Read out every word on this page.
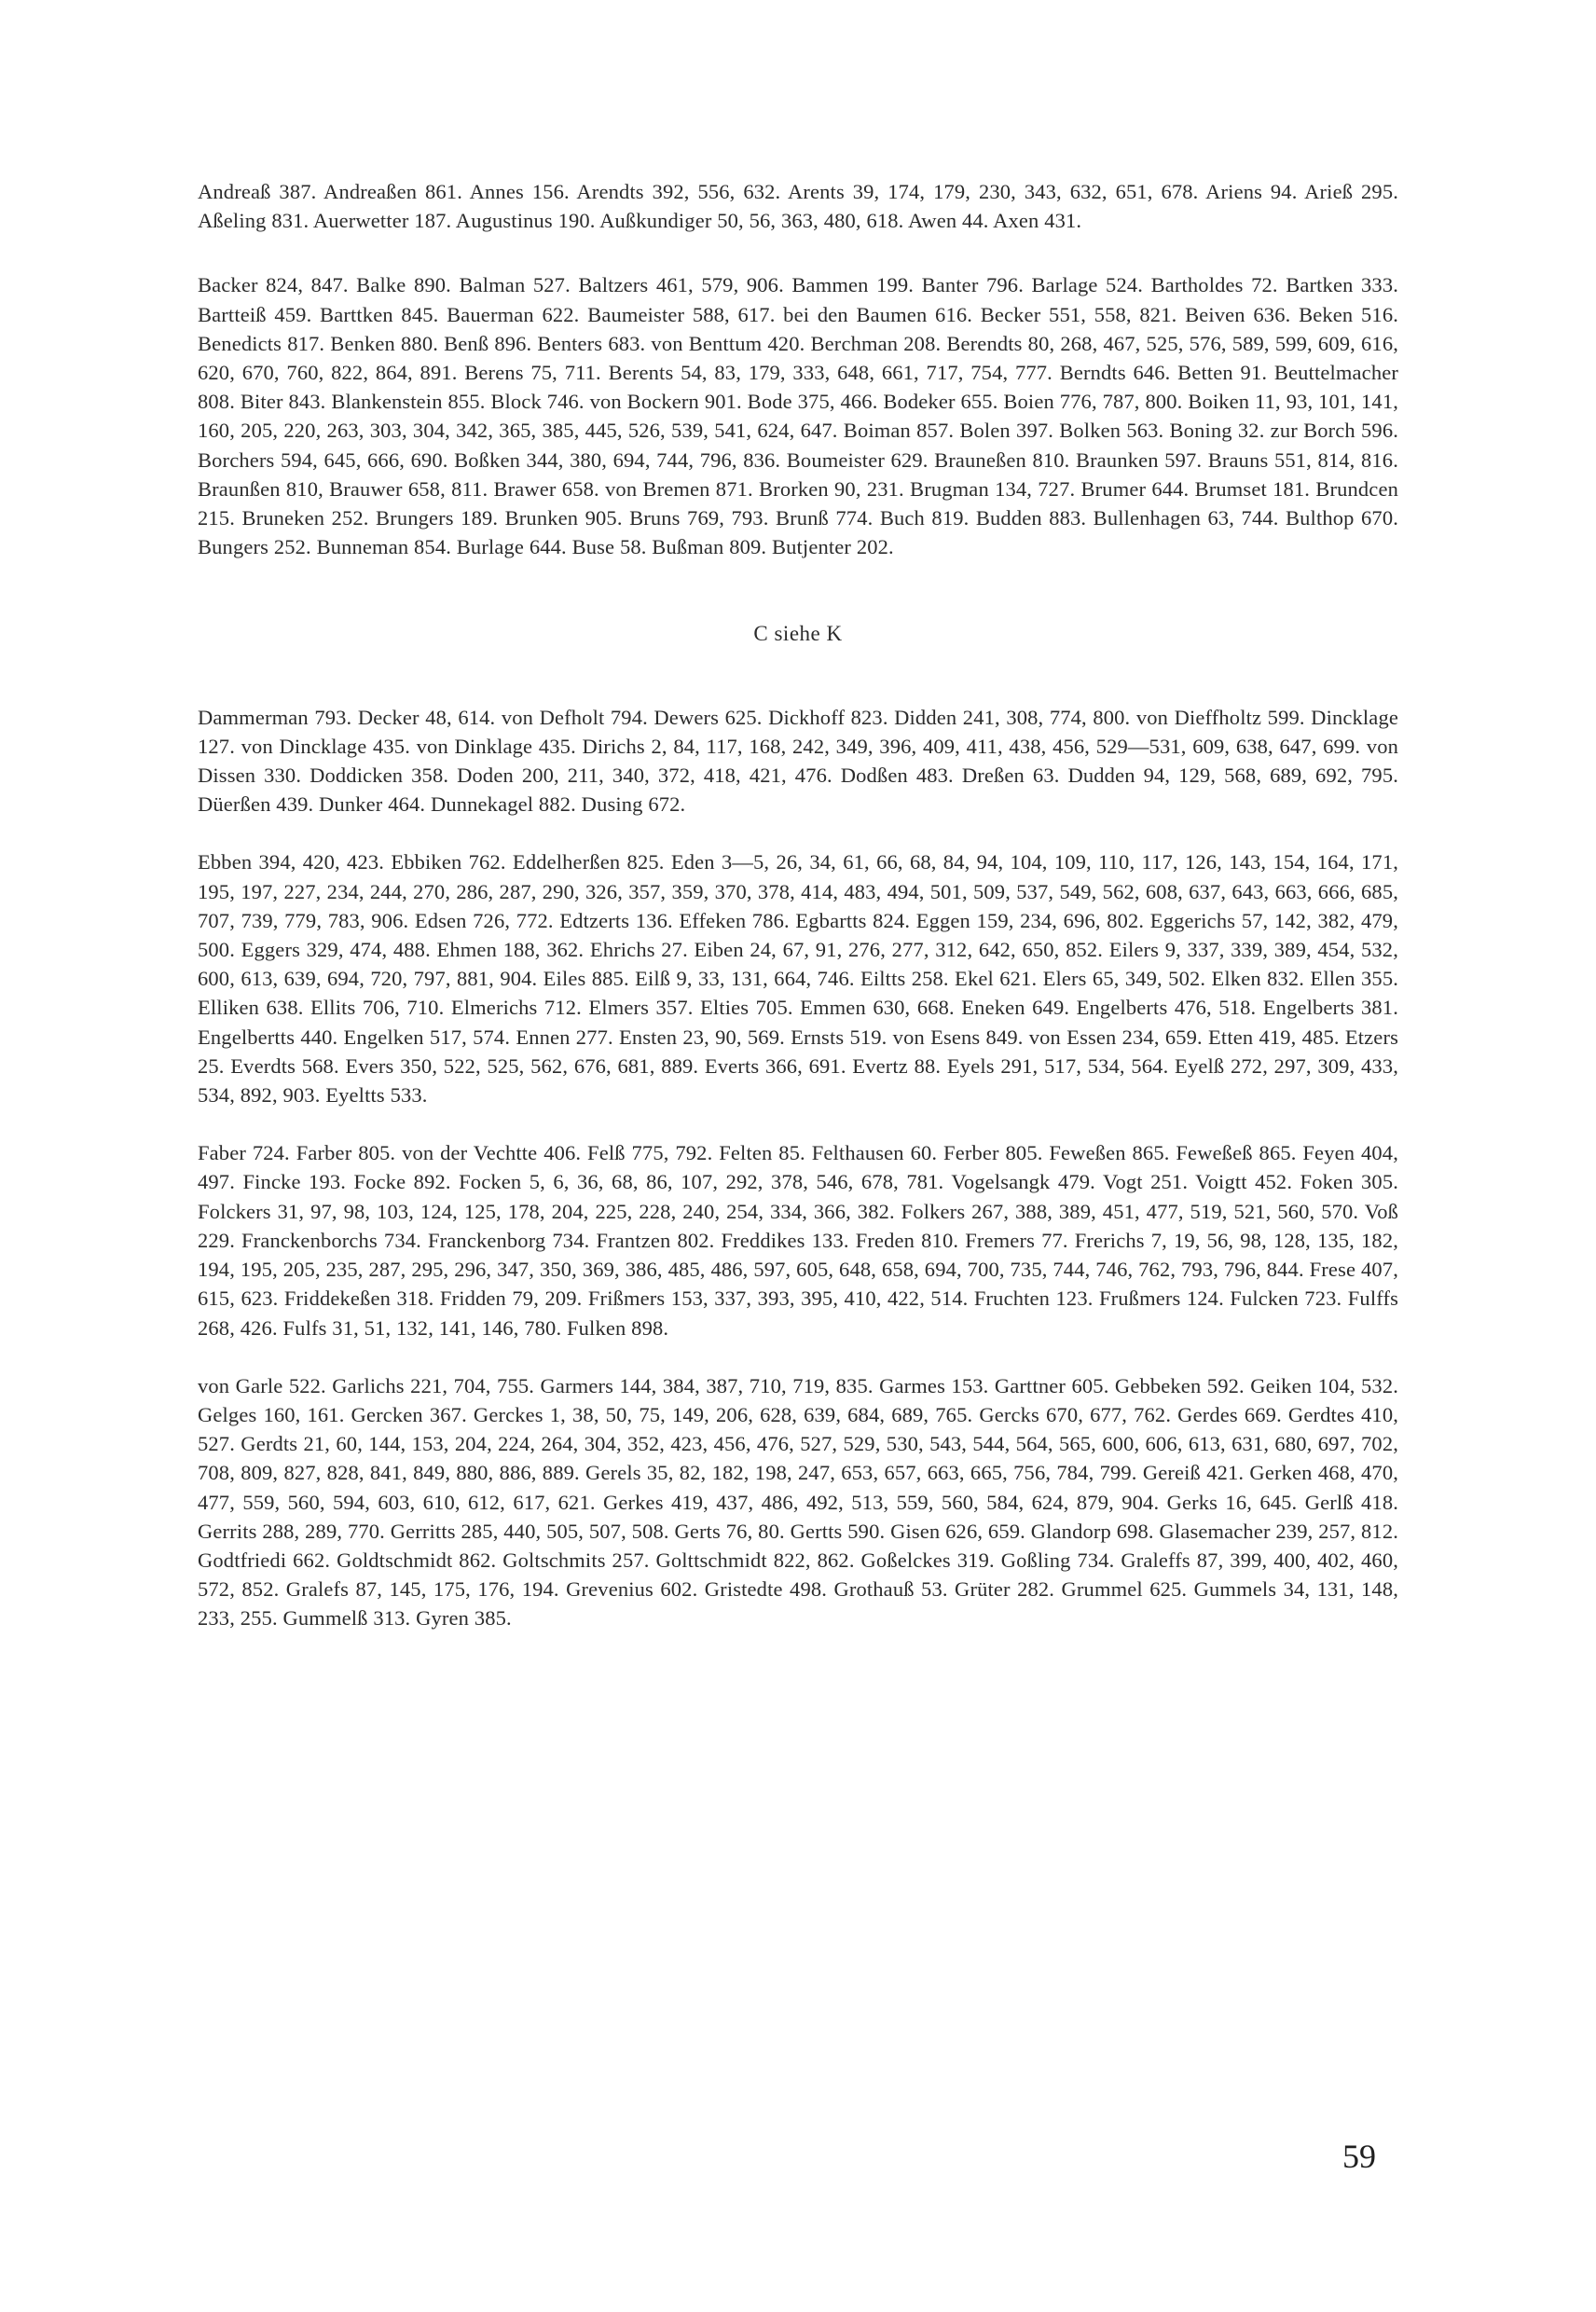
Andreaß 387. Andreaßen 861. Annes 156. Arendts 392, 556, 632. Arents 39, 174, 179, 230, 343, 632, 651, 678. Ariens 94. Arieß 295. Aßeling 831. Auerwetter 187. Augustinus 190. Außkundiger 50, 56, 363, 480, 618. Awen 44. Axen 431.

Backer 824, 847. Balke 890. Balman 527. Baltzers 461, 579, 906. Bammen 199. Banter 796. Barlage 524. Bartholdes 72. Bartken 333. Bartteiß 459. Barttken 845. Bauerman 622. Baumeister 588, 617. bei den Baumen 616. Becker 551, 558, 821. Beiven 636. Beken 516. Benedicts 817. Benken 880. Benß 896. Benters 683. von Benttum 420. Berchman 208. Berendts 80, 268, 467, 525, 576, 589, 599, 609, 616, 620, 670, 760, 822, 864, 891. Berens 75, 711. Berents 54, 83, 179, 333, 648, 661, 717, 754, 777. Berndts 646. Betten 91. Beuttelmacher 808. Biter 843. Blankenstein 855. Block 746. von Bockern 901. Bode 375, 466. Bodeker 655. Boien 776, 787, 800. Boiken 11, 93, 101, 141, 160, 205, 220, 263, 303, 304, 342, 365, 385, 445, 526, 539, 541, 624, 647. Boiman 857. Bolen 397. Bolken 563. Boning 32. zur Borch 596. Borchers 594, 645, 666, 690. Boßken 344, 380, 694, 744, 796, 836. Boumeister 629. Brauneßen 810. Braunken 597. Brauns 551, 814, 816. Braunßen 810, Brauwer 658, 811. Brawer 658. von Bremen 871. Brorken 90, 231. Brugman 134, 727. Brumer 644. Brumset 181. Brundcen 215. Bruneken 252. Brungers 189. Brunken 905. Bruns 769, 793. Brunß 774. Buch 819. Budden 883. Bullenhagen 63, 744. Bulthop 670. Bungers 252. Bunneman 854. Burlage 644. Buse 58. Bußman 809. Butjenter 202.

C siehe K

Dammerman 793. Decker 48, 614. von Defholt 794. Dewers 625. Dickhoff 823. Didden 241, 308, 774, 800. von Dieffholtz 599. Dincklage 127. von Dincklage 435. von Dinklage 435. Dirichs 2, 84, 117, 168, 242, 349, 396, 409, 411, 438, 456, 529—531, 609, 638, 647, 699. von Dissen 330. Doddicken 358. Doden 200, 211, 340, 372, 418, 421, 476. Dodßen 483. Dreßen 63. Dudden 94, 129, 568, 689, 692, 795. Düerßen 439. Dunker 464. Dunnekagel 882. Dusing 672.

Ebben 394, 420, 423. Ebbiken 762. Eddelherßen 825. Eden 3—5, 26, 34, 61, 66, 68, 84, 94, 104, 109, 110, 117, 126, 143, 154, 164, 171, 195, 197, 227, 234, 244, 270, 286, 287, 290, 326, 357, 359, 370, 378, 414, 483, 494, 501, 509, 537, 549, 562, 608, 637, 643, 663, 666, 685, 707, 739, 779, 783, 906. Edsen 726, 772. Edtzerts 136. Effeken 786. Egbartts 824. Eggen 159, 234, 696, 802. Eggerichs 57, 142, 382, 479, 500. Eggers 329, 474, 488. Ehmen 188, 362. Ehrichs 27. Eiben 24, 67, 91, 276, 277, 312, 642, 650, 852. Eilers 9, 337, 339, 389, 454, 532, 600, 613, 639, 694, 720, 797, 881, 904. Eiles 885. Eilß 9, 33, 131, 664, 746. Eiltts 258. Ekel 621. Elers 65, 349, 502. Elken 832. Ellen 355. Elliken 638. Ellits 706, 710. Elmerichs 712. Elmers 357. Elties 705. Emmen 630, 668. Eneken 649. Engelberts 476, 518. Engelberts 381. Engelbertts 440. Engelken 517, 574. Ennen 277. Ensten 23, 90, 569. Ernsts 519. von Esens 849. von Essen 234, 659. Etten 419, 485. Etzers 25. Everdts 568. Evers 350, 522, 525, 562, 676, 681, 889. Everts 366, 691. Evertz 88. Eyels 291, 517, 534, 564. Eyelß 272, 297, 309, 433, 534, 892, 903. Eyeltts 533.

Faber 724. Farber 805. von der Vechtte 406. Felß 775, 792. Felten 85. Felthausen 60. Ferber 805. Feweßen 865. Feweßeß 865. Feyen 404, 497. Fincke 193. Focke 892. Focken 5, 6, 36, 68, 86, 107, 292, 378, 546, 678, 781. Vogelsangk 479. Vogt 251. Voigtt 452. Foken 305. Folckers 31, 97, 98, 103, 124, 125, 178, 204, 225, 228, 240, 254, 334, 366, 382. Folkers 267, 388, 389, 451, 477, 519, 521, 560, 570. Voß 229. Franckenborchs 734. Franckenborg 734. Frantzen 802. Freddikes 133. Freden 810. Fremers 77. Frerichs 7, 19, 56, 98, 128, 135, 182, 194, 195, 205, 235, 287, 295, 296, 347, 350, 369, 386, 485, 486, 597, 605, 648, 658, 694, 700, 735, 744, 746, 762, 793, 796, 844. Frese 407, 615, 623. Friddekeßen 318. Fridden 79, 209. Frißmers 153, 337, 393, 395, 410, 422, 514. Fruchten 123. Frußmers 124. Fulcken 723. Fulffs 268, 426. Fulfs 31, 51, 132, 141, 146, 780. Fulken 898.

von Garle 522. Garlichs 221, 704, 755. Garmers 144, 384, 387, 710, 719, 835. Garmes 153. Garttner 605. Gebbeken 592. Geiken 104, 532. Gelges 160, 161. Gercken 367. Gerckes 1, 38, 50, 75, 149, 206, 628, 639, 684, 689, 765. Gercks 670, 677, 762. Gerdes 669. Gerdtes 410, 527. Gerdts 21, 60, 144, 153, 204, 224, 264, 304, 352, 423, 456, 476, 527, 529, 530, 543, 544, 564, 565, 600, 606, 613, 631, 680, 697, 702, 708, 809, 827, 828, 841, 849, 880, 886, 889. Gerels 35, 82, 182, 198, 247, 653, 657, 663, 665, 756, 784, 799. Gereiß 421. Gerken 468, 470, 477, 559, 560, 594, 603, 610, 612, 617, 621. Gerkes 419, 437, 486, 492, 513, 559, 560, 584, 624, 879, 904. Gerks 16, 645. Gerlß 418. Gerrits 288, 289, 770. Gerritts 285, 440, 505, 507, 508. Gerts 76, 80. Gertts 590. Gisen 626, 659. Glandorp 698. Glasemacher 239, 257, 812. Godtfriedi 662. Goldtschmidt 862. Goltschmits 257. Golttschmidt 822, 862. Goßelckes 319. Goßling 734. Graleffs 87, 399, 400, 402, 460, 572, 852. Gralefs 87, 145, 175, 176, 194. Grevenius 602. Gristedte 498. Grothauß 53. Grüter 282. Grummel 625. Gummels 34, 131, 148, 233, 255. Gummelß 313. Gyren 385.

59
